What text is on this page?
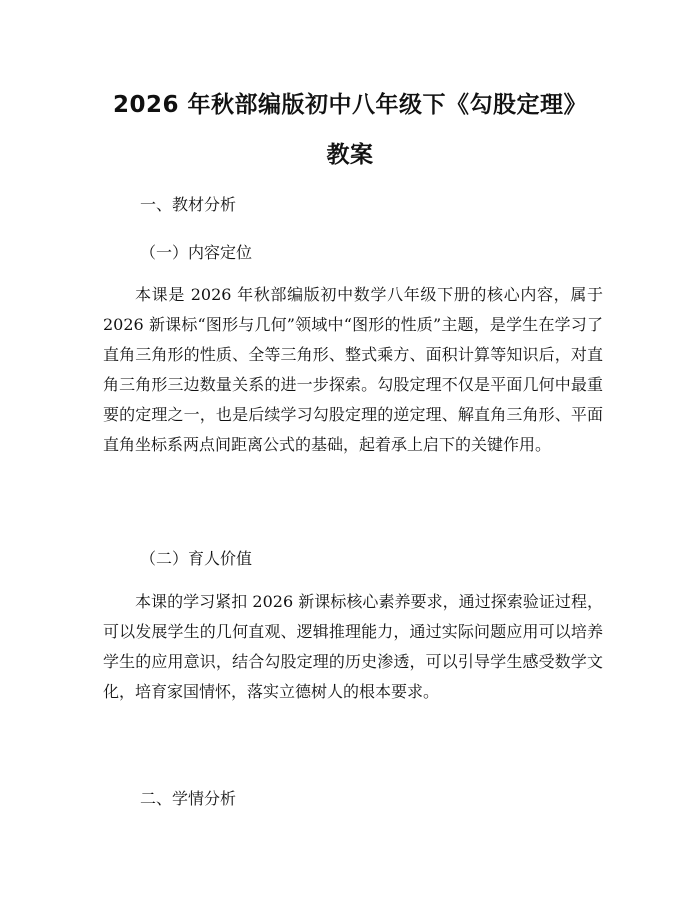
2026 年秋部编版初中八年级下《勾股定理》
教案

一、教材分析

（一）内容定位

本课是 2026 年秋部编版初中数学八年级下册的核心内容，属于 2026 新课标“图形与几何”领域中“图形的性质”主题，是学生在学习了直角三角形的性质、全等三角形、整式乘方、面积计算等知识后，对直角三角形三边数量关系的进一步探索。勾股定理不仅是平面几何中最重要的定理之一，也是后续学习勾股定理的逆定理、解直角三角形、平面直角坐标系两点间距离公式的基础，起着承上启下的关键作用。

（二）育人价值

本课的学习紧扣 2026 新课标核心素养要求，通过探索验证过程，可以发展学生的几何直观、逻辑推理能力，通过实际问题应用可以培养学生的应用意识，结合勾股定理的历史渗透，可以引导学生感受数学文化，培育家国情怀，落实立德树人的根本要求。

二、学情分析
